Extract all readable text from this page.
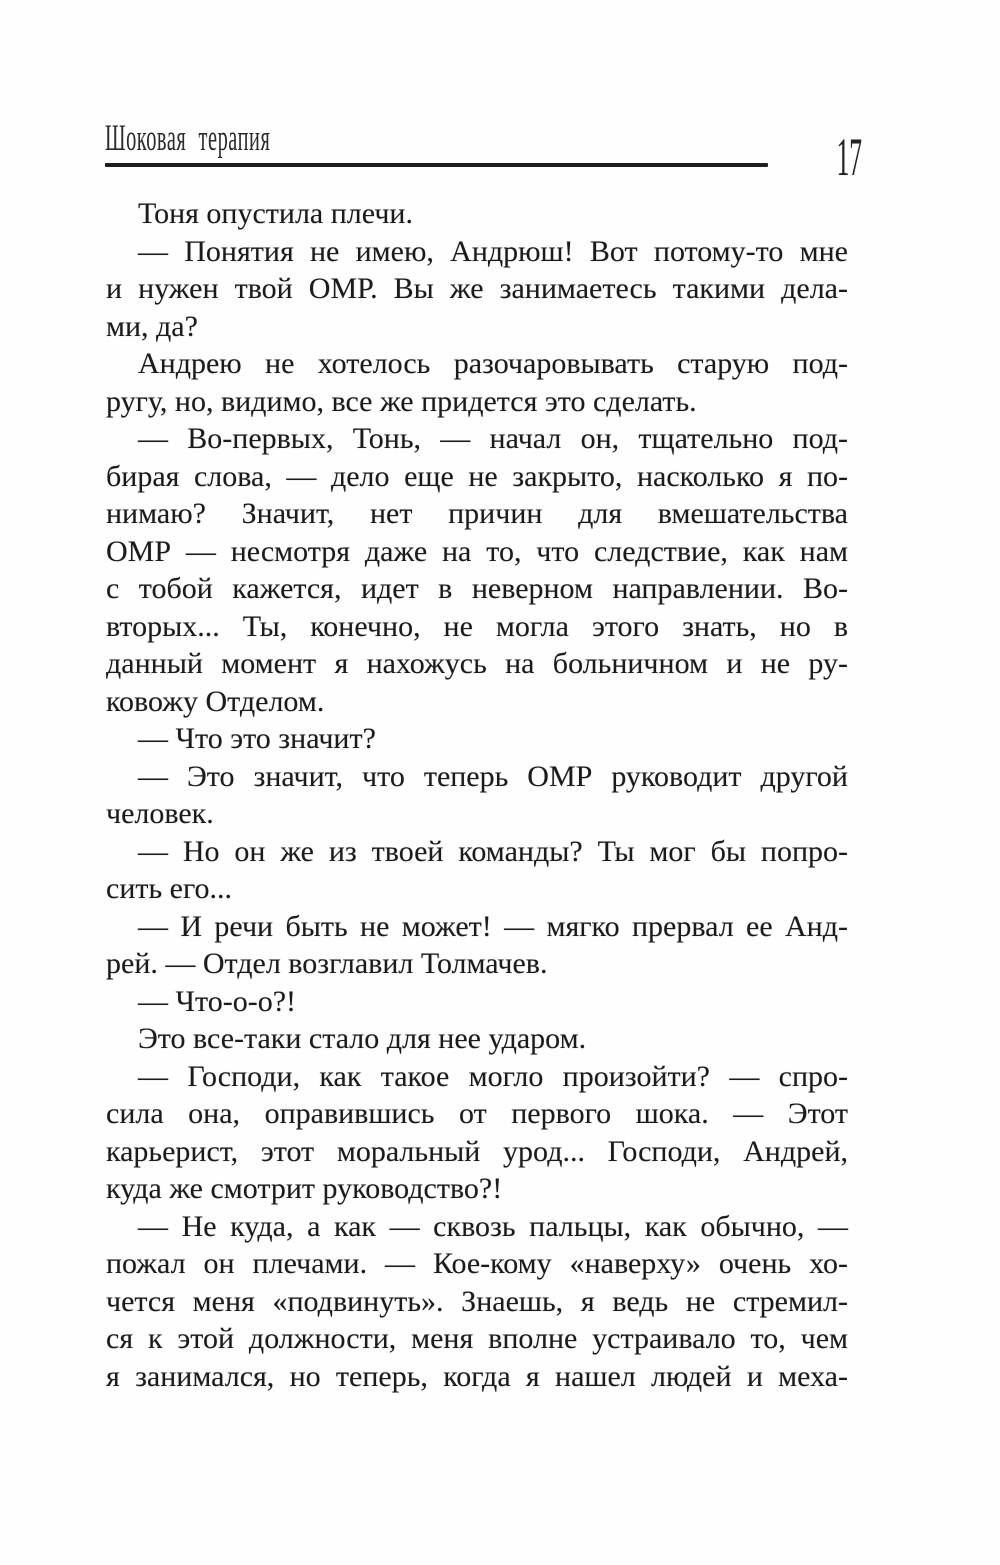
Шоковая терапия	17
Тоня опустила плечи.
— Понятия не имею, Андрюш! Вот потому-то мне
и нужен твой ОМР. Вы же занимаетесь такими дела-
ми, да?
Андрею не хотелось разочаровывать старую под-
ругу, но, видимо, все же придется это сделать.
— Во-первых, Тонь, — начал он, тщательно под-
бирая слова, — дело еще не закрыто, насколько я по-
нимаю? Значит, нет причин для вмешательства
ОМР — несмотря даже на то, что следствие, как нам
с тобой кажется, идет в неверном направлении. Во-
вторых... Ты, конечно, не могла этого знать, но в
данный момент я нахожусь на больничном и не ру-
ковожу Отделом.
— Что это значит?
— Это значит, что теперь ОМР руководит другой
человек.
— Но он же из твоей команды? Ты мог бы попро-
сить его...
— И речи быть не может! — мягко прервал ее Анд-
рей. — Отдел возглавил Толмачев.
— Что-о-о?!
Это все-таки стало для нее ударом.
— Господи, как такое могло произойти? — спро-
сила она, оправившись от первого шока. — Этот
карьерист, этот моральный урод... Господи, Андрей,
куда же смотрит руководство?!
— Не куда, а как — сквозь пальцы, как обычно, —
пожал он плечами. — Кое-кому «наверху» очень хо-
чется меня «подвинуть». Знаешь, я ведь не стремил-
ся к этой должности, меня вполне устраивало то, чем
я занимался, но теперь, когда я нашел людей и меха-
